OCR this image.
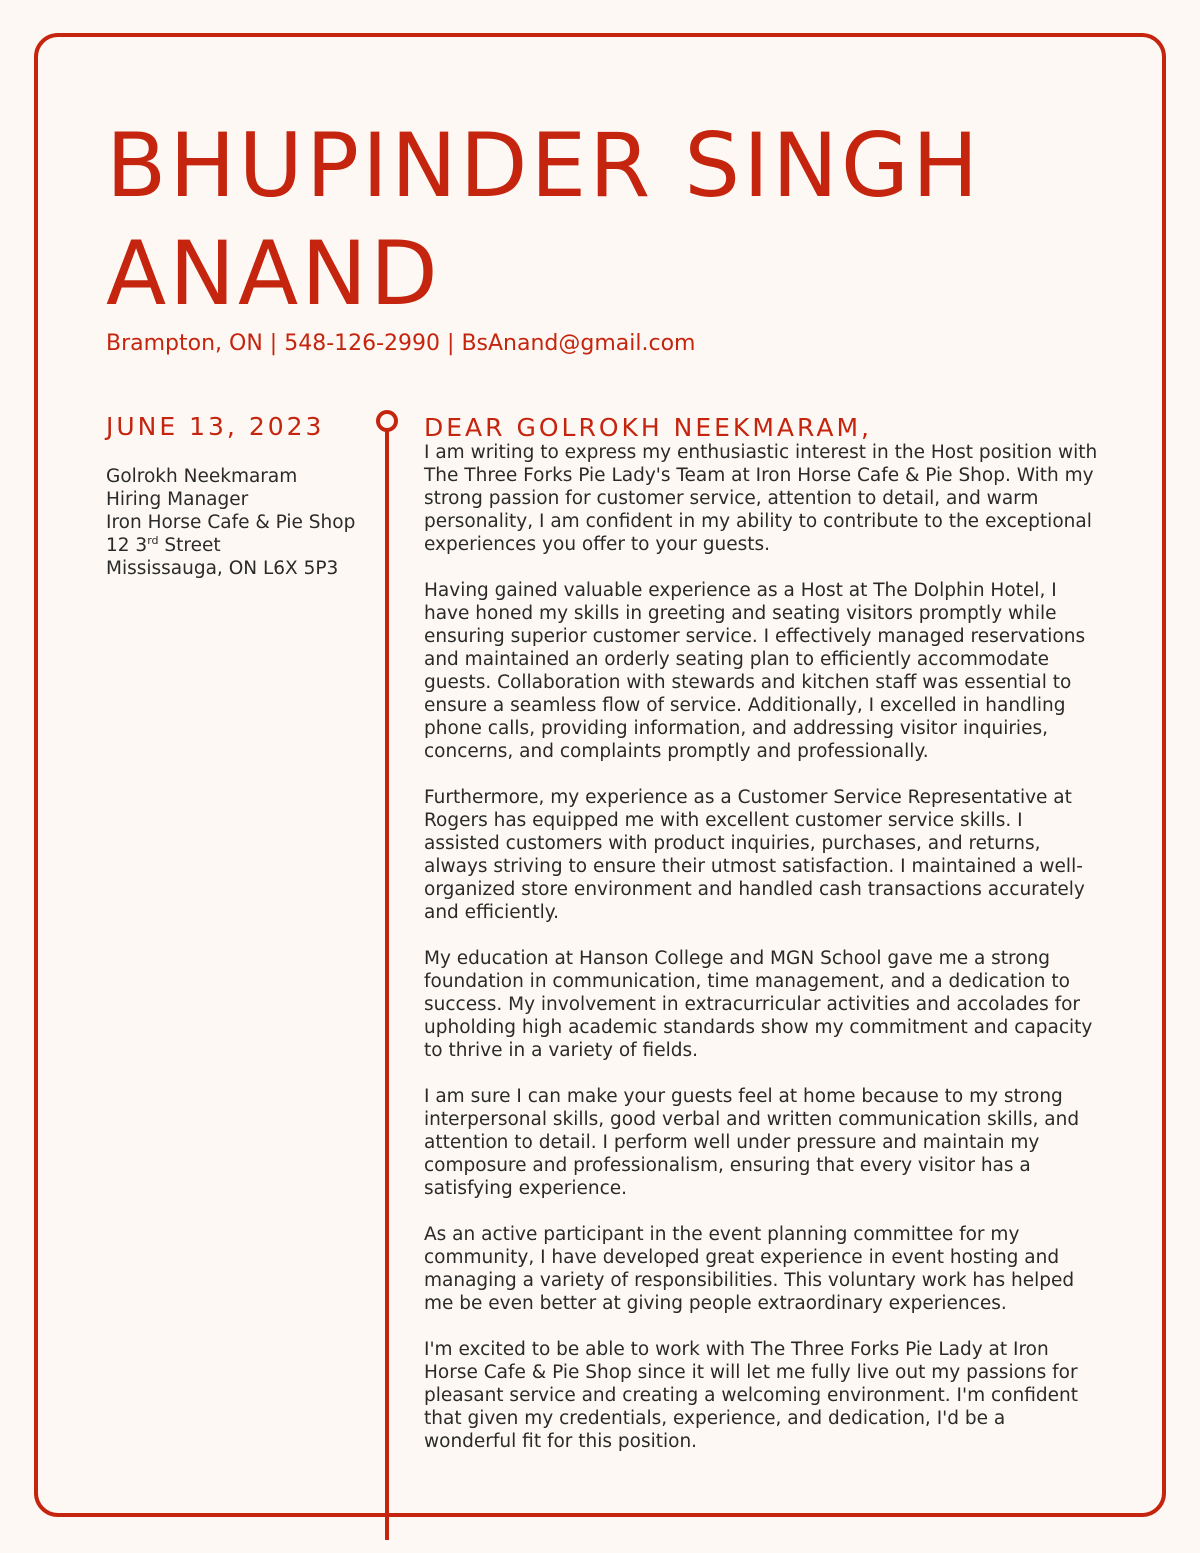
BHUPINDER SINGH ANAND
Brampton, ON | 548-126-2990 | BsAnand@gmail.com
JUNE 13, 2023
Golrokh Neekmaram
Hiring Manager
Iron Horse Cafe & Pie Shop
12 3rd Street
Mississauga, ON L6X 5P3
DEAR GOLROKH NEEKMARAM,

I am writing to express my enthusiastic interest in the Host position with The Three Forks Pie Lady's Team at Iron Horse Cafe & Pie Shop. With my strong passion for customer service, attention to detail, and warm personality, I am confident in my ability to contribute to the exceptional experiences you offer to your guests.

Having gained valuable experience as a Host at The Dolphin Hotel, I have honed my skills in greeting and seating visitors promptly while ensuring superior customer service. I effectively managed reservations and maintained an orderly seating plan to efficiently accommodate guests. Collaboration with stewards and kitchen staff was essential to ensure a seamless flow of service. Additionally, I excelled in handling phone calls, providing information, and addressing visitor inquiries, concerns, and complaints promptly and professionally.

Furthermore, my experience as a Customer Service Representative at Rogers has equipped me with excellent customer service skills. I assisted customers with product inquiries, purchases, and returns, always striving to ensure their utmost satisfaction. I maintained a well-organized store environment and handled cash transactions accurately and efficiently.

My education at Hanson College and MGN School gave me a strong foundation in communication, time management, and a dedication to success. My involvement in extracurricular activities and accolades for upholding high academic standards show my commitment and capacity to thrive in a variety of fields.

I am sure I can make your guests feel at home because to my strong interpersonal skills, good verbal and written communication skills, and attention to detail. I perform well under pressure and maintain my composure and professionalism, ensuring that every visitor has a satisfying experience.

As an active participant in the event planning committee for my community, I have developed great experience in event hosting and managing a variety of responsibilities. This voluntary work has helped me be even better at giving people extraordinary experiences.

I'm excited to be able to work with The Three Forks Pie Lady at Iron Horse Cafe & Pie Shop since it will let me fully live out my passions for pleasant service and creating a welcoming environment. I'm confident that given my credentials, experience, and dedication, I'd be a wonderful fit for this position.
